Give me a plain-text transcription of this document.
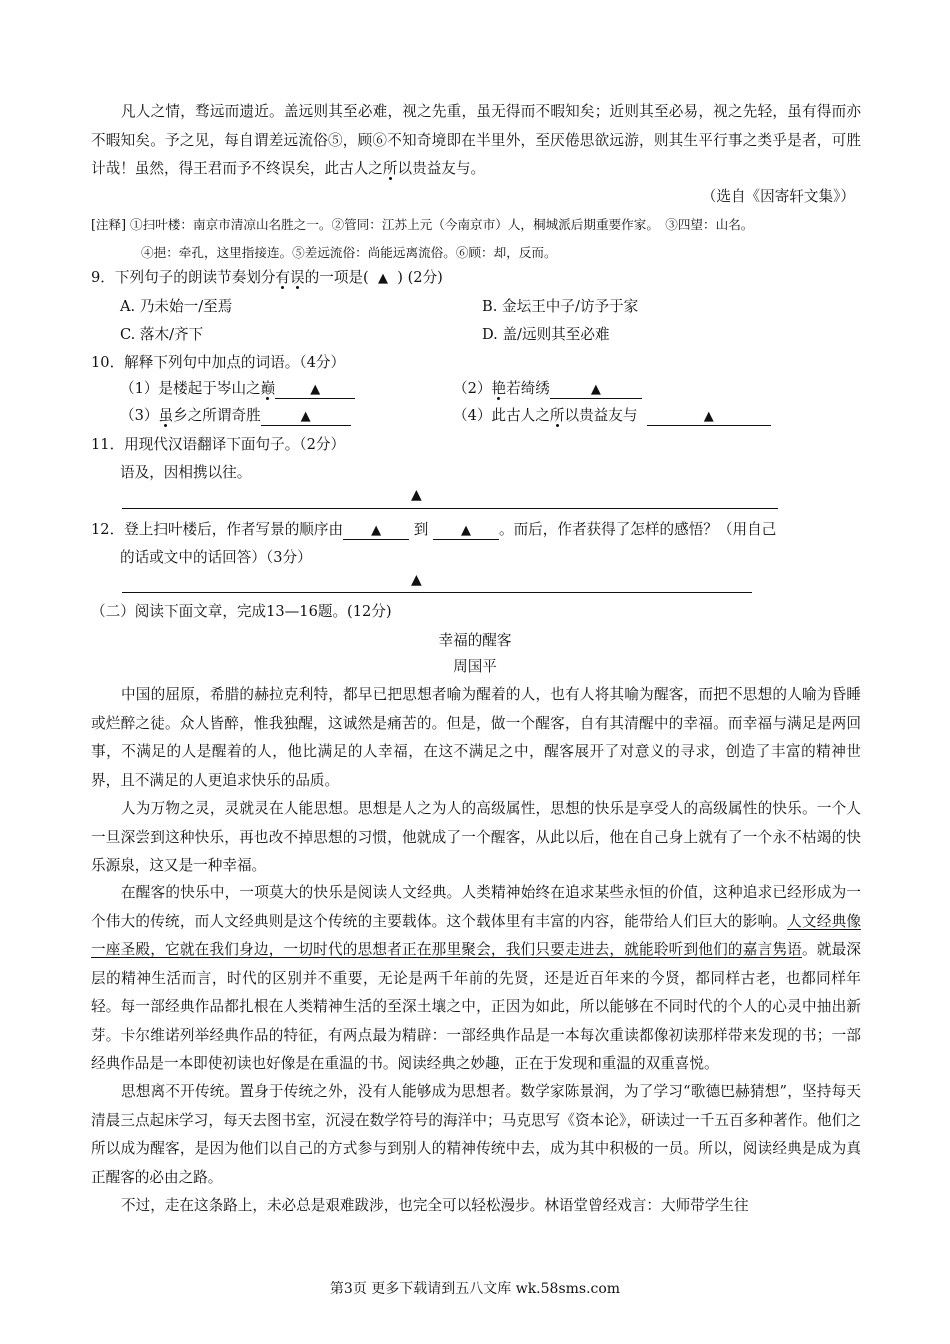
凡人之情，骛远而遗近。盖远则其至必难，视之先重，虽无得而不暇知矣；近则其至必易，视之先轻，虽有得而亦不暇知矣。予之见，每自谓差远流俗⑤，顾⑥不知奇境即在半里外，至厌倦思欲远游，则其生平行事之类乎是者，可胜计哉！虽然，得王君而予不终误矣，此古人之所以贵益友与。
（选自《因寄轩文集》）
[注释] ①扫叶楼：南京市清凉山名胜之一。②管同：江苏上元（今南京市）人，桐城派后期重要作家。　③四望：山名。
④挹：牵孔，这里指接连。⑤差远流俗：尚能远离流俗。⑥顾：却，反而。
9．下列句子的朗读节奏划分有误的一项是( ▲ ) (2分)
A. 乃未始一/至焉	B. 金坛王中子/访予于家
C. 落木/齐下	D. 盖/远则其至必难
10．解释下列句中加点的词语。（4分）
（1）是楼起于岑山之巅	▲	（2）艳若绮绣	▲
（3）虽乡之所谓奇胜	▲	（4）此古人之所以贵益友与	▲
11．用现代汉语翻译下面句子。（2分）
语及，因相携以往。
▲
12．登上扫叶楼后，作者写景的顺序由 ▲ 到	▲ 。而后，作者获得了怎样的感悟？（用自己
的话或文中的话回答）（3分）
▲
（二）阅读下面文章，完成13—16题。(12分)
幸福的醒客
周国平
中国的屈原，希腊的赫拉克利特，都早已把思想者喻为醒着的人，也有人将其喻为醒客，而把不思想的人喻为昏睡或烂醉之徒。众人皆醉，惟我独醒，这诚然是痛苦的。但是，做一个醒客，自有其清醒中的幸福。而幸福与满足是两回事，不满足的人是醒着的人，他比满足的人幸福，在这不满足之中，醒客展开了对意义的寻求，创造了丰富的精神世界，且不满足的人更追求快乐的品质。
人为万物之灵，灵就灵在人能思想。思想是人之为人的高级属性，思想的快乐是享受人的高级属性的快乐。一个人一旦深尝到这种快乐，再也改不掉思想的习惯，他就成了一个醒客，从此以后，他在自己身上就有了一个永不枯竭的快乐源泉，这又是一种幸福。
在醒客的快乐中，一项莫大的快乐是阅读人文经典。人类精神始终在追求某些永恒的价值，这种追求已经形成为一个伟大的传统，而人文经典则是这个传统的主要载体。这个载体里有丰富的内容，能带给人们巨大的影响。人文经典像一座圣殿，它就在我们身边，一切时代的思想者正在那里聚会，我们只要走进去，就能聆听到他们的嘉言隽语。就最深层的精神生活而言，时代的区别并不重要，无论是两千年前的先贤，还是近百年来的今贤，都同样古老，也都同样年轻。每一部经典作品都扎根在人类精神生活的至深土壤之中，正因为如此，所以能够在不同时代的个人的心灵中抽出新芽。卡尔维诺列举经典作品的特征，有两点最为精辟：一部经典作品是一本每次重读都像初读那样带来发现的书；一部经典作品是一本即使初读也好像是在重温的书。阅读经典之妙趣，正在于发现和重温的双重喜悦。
思想离不开传统。置身于传统之外，没有人能够成为思想者。数学家陈景润，为了学习“歌德巴赫猜想”，坚持每天清晨三点起床学习，每天去图书室，沉浸在数学符号的海洋中；马克思写《资本论》，研读过一千五百多种著作。他们之所以成为醒客，是因为他们以自己的方式参与到别人的精神传统中去，成为其中积极的一员。所以，阅读经典是成为真正醒客的必由之路。
不过，走在这条路上，未必总是艰难跋涉，也完全可以轻松漫步。林语堂曾经戏言：大师带学生往
第3页 更多下载请到五八文库 wk.58sms.com
